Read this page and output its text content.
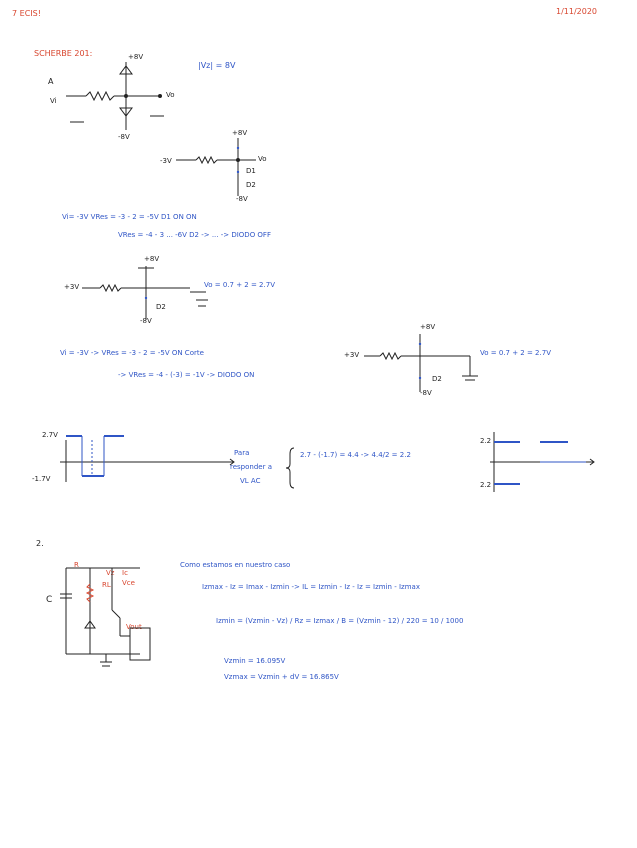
7 ECIS!	1/11/2020
SCHERBE 201:
|Vz| = 8V
A
Vi
+8V
-8V
Vo
-3V
+8V
D1
D2
-8V
Vo
Vi= -3V VRes = -3 - 2 = -5V D1 ON ON
VRes = -4 - 3 ... -6V D2 -> ... -> DIODO OFF
+3V
+8V
D2
-8V
Vo = 0.7 + 2 = 2.7V
Vi = -3V -> VRes = -3 - 2 = -5V ON Corte
-> VRes = -4 - (-3) = -1V -> DIODO ON
+3V
+8V
D2
-8V
Vo = 0.7 + 2 = 2.7V
2.7V
-1.7V
Para
responder a
VL AC
2.7 - (-1.7) = 4.4 -> 4.4/2 = 2.2
2.2
2.2
2.
C
R
RL
Vz Ic
Vce
Vout
Como estamos en nuestro caso
Izmax - Iz = Imax - Izmin -> IL = Izmin - Iz - Iz = Izmin - Izmax
Izmin = (Vzmin - Vz) / Rz = Izmax / B = (Vzmin - 12) / 220 = 10 / 1000
Vzmin = 16.095V
Vzmax = Vzmin + dV = 16.865V
